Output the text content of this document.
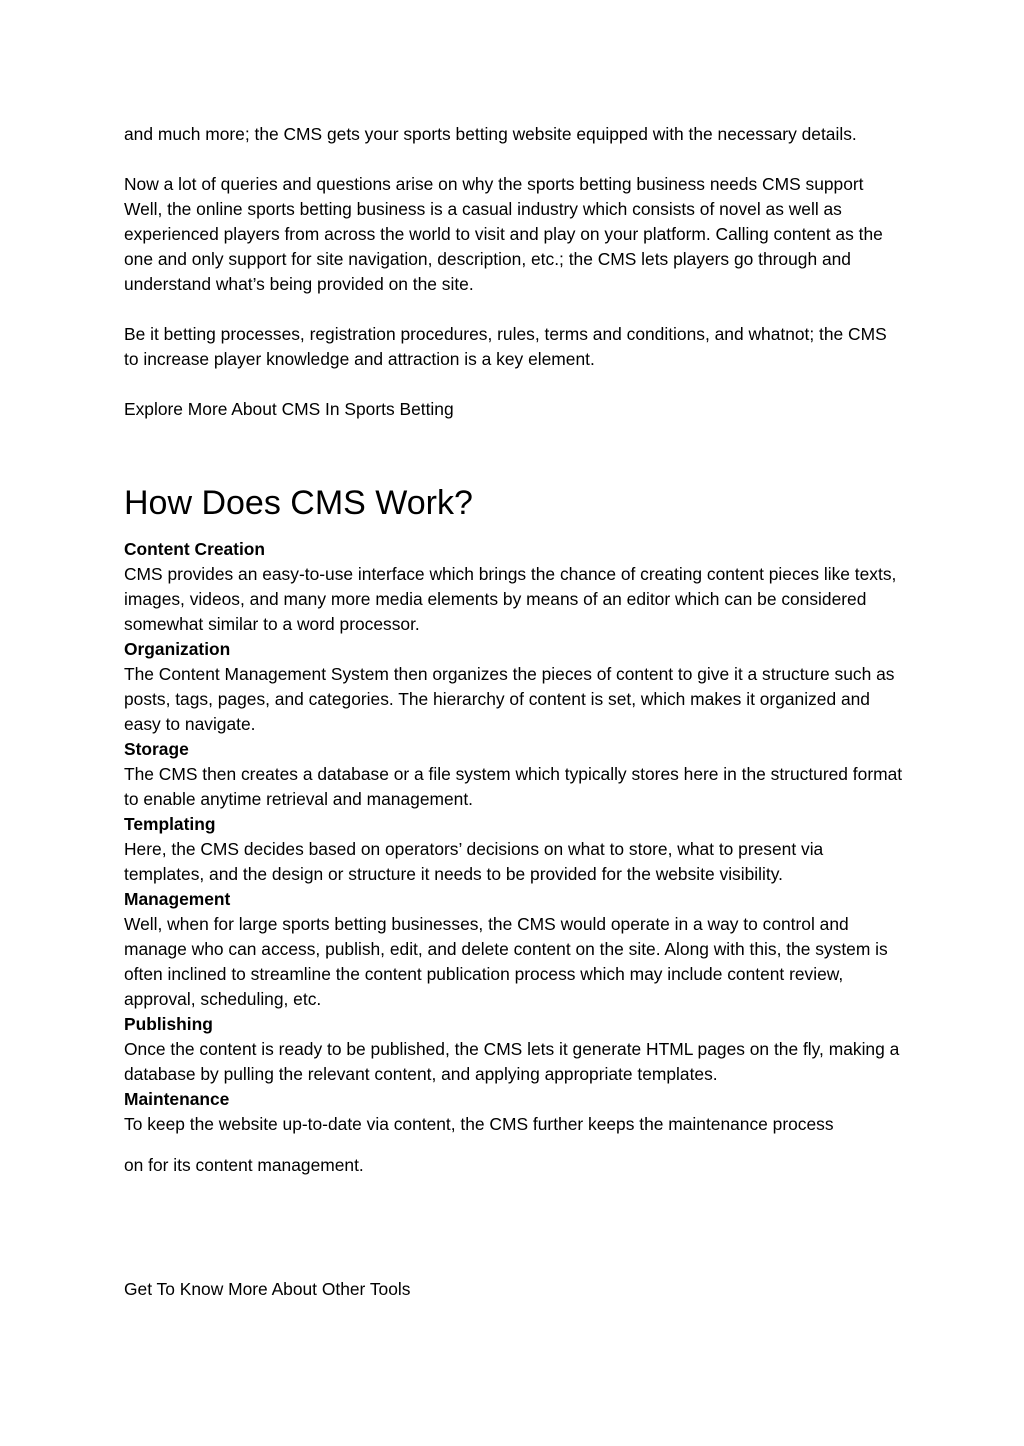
and much more; the CMS gets your sports betting website equipped with the necessary details.

Now a lot of queries and questions arise on why the sports betting business needs CMS support Well, the online sports betting business is a casual industry which consists of novel as well as experienced players from across the world to visit and play on your platform. Calling content as the one and only support for site navigation, description, etc.; the CMS lets players go through and understand what’s being provided on the site.

Be it betting processes, registration procedures, rules, terms and conditions, and whatnot; the CMS to increase player knowledge and attraction is a key element.

Explore More About CMS In Sports Betting

How Does CMS Work?

Content Creation

CMS provides an easy-to-use interface which brings the chance of creating content pieces like texts, images, videos, and many more media elements by means of an editor which can be considered somewhat similar to a word processor.

Organization

The Content Management System then organizes the pieces of content to give it a structure such as posts, tags, pages, and categories. The hierarchy of content is set, which makes it organized and easy to navigate.

Storage

The CMS then creates a database or a file system which typically stores here in the structured format to enable anytime retrieval and management.

Templating

Here, the CMS decides based on operators’ decisions on what to store, what to present via templates, and the design or structure it needs to be provided for the website visibility.

Management

Well, when for large sports betting businesses, the CMS would operate in a way to control and manage who can access, publish, edit, and delete content on the site. Along with this, the system is often inclined to streamline the content publication process which may include content review, approval, scheduling, etc.

Publishing

Once the content is ready to be published, the CMS lets it generate HTML pages on the fly, making a database by pulling the relevant content, and applying appropriate templates.

Maintenance

To keep the website up-to-date via content, the CMS further keeps the maintenance process

on for its content management.

Get To Know More About Other Tools
